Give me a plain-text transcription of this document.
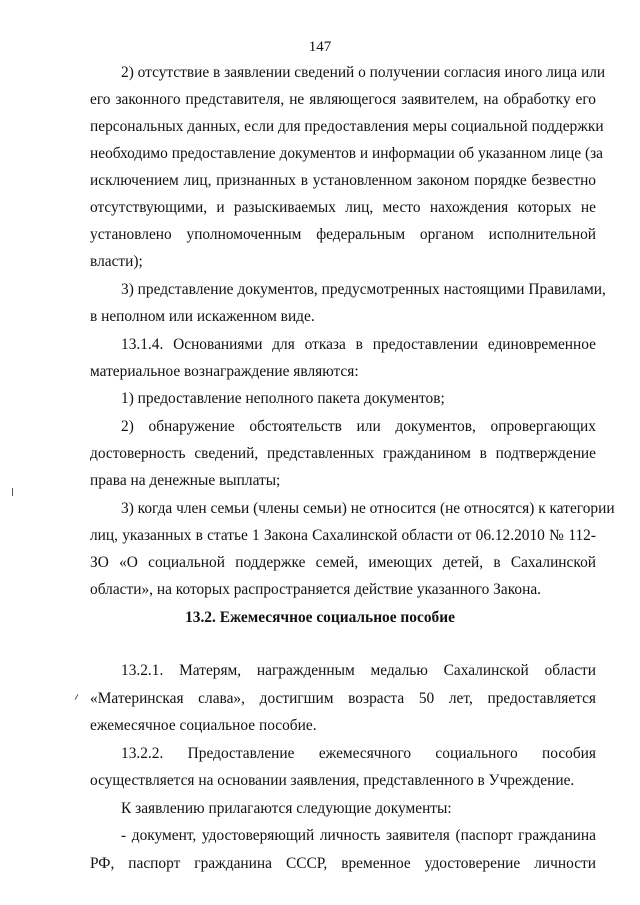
147
2) отсутствие в заявлении сведений о получении согласия иного лица или
его законного представителя, не являющегося заявителем, на обработку его
персональных данных, если для предоставления меры социальной поддержки
необходимо предоставление документов и информации об указанном лице (за
исключением лиц, признанных в установленном законом порядке безвестно
отсутствующими, и разыскиваемых лиц, место нахождения которых не
установлено уполномоченным федеральным органом исполнительной
власти);
3) представление документов, предусмотренных настоящими Правилами,
в неполном или искаженном виде.
13.1.4. Основаниями для отказа в предоставлении единовременное
материальное вознаграждение являются:
1) предоставление неполного пакета документов;
2) обнаружение обстоятельств или документов, опровергающих
достоверность сведений, представленных гражданином в подтверждение
права на денежные выплаты;
3) когда член семьи (члены семьи) не относится (не относятся) к категории
лиц, указанных в статье 1 Закона Сахалинской области от 06.12.2010 № 112-
ЗО «О социальной поддержке семей, имеющих детей, в Сахалинской
области», на которых распространяется действие указанного Закона.
13.2. Ежемесячное социальное пособие
13.2.1. Матерям, награжденным медалью Сахалинской области
«Материнская слава», достигшим возраста 50 лет, предоставляется
ежемесячное социальное пособие.
13.2.2. Предоставление ежемесячного социального пособия
осуществляется на основании заявления, представленного в Учреждение.
К заявлению прилагаются следующие документы:
- документ, удостоверяющий личность заявителя (паспорт гражданина
РФ, паспорт гражданина СССР, временное удостоверение личности
